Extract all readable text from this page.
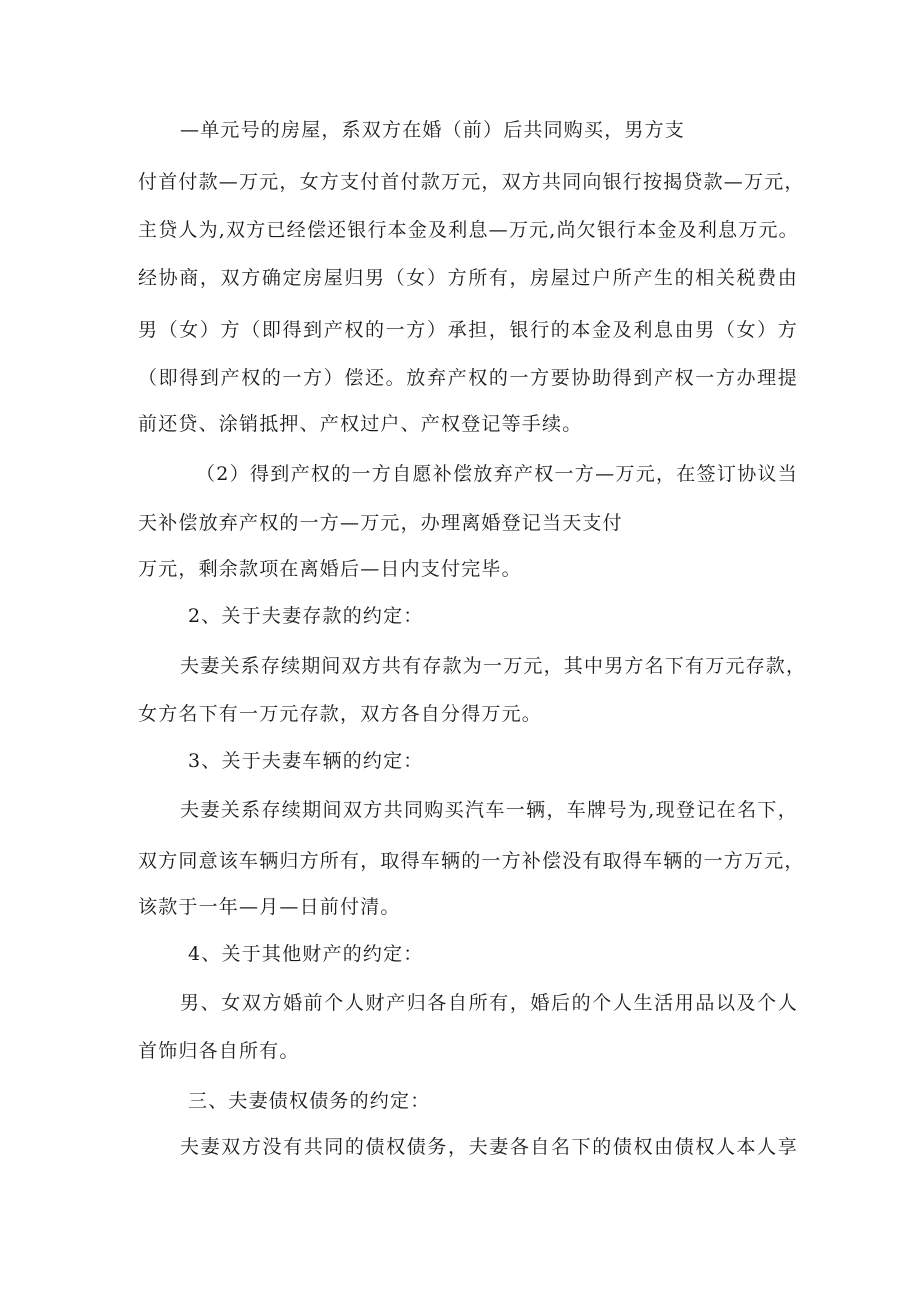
—单元号的房屋，系双方在婚（前）后共同购买，男方支
付首付款—万元，女方支付首付款万元，双方共同向银行按揭贷款—万元，
主贷人为,双方已经偿还银行本金及利息—万元,尚欠银行本金及利息万元。
经协商，双方确定房屋归男（女）方所有，房屋过户所产生的相关税费由
男（女）方（即得到产权的一方）承担，银行的本金及利息由男（女）方
（即得到产权的一方）偿还。放弃产权的一方要协助得到产权一方办理提
前还贷、涂销抵押、产权过户、产权登记等手续。
（2）得到产权的一方自愿补偿放弃产权一方—万元，在签订协议当
天补偿放弃产权的一方—万元，办理离婚登记当天支付
万元，剩余款项在离婚后—日内支付完毕。
2、关于夫妻存款的约定：
夫妻关系存续期间双方共有存款为一万元，其中男方名下有万元存款，
女方名下有一万元存款，双方各自分得万元。
3、关于夫妻车辆的约定：
夫妻关系存续期间双方共同购买汽车一辆，车牌号为,现登记在名下，
双方同意该车辆归方所有，取得车辆的一方补偿没有取得车辆的一方万元，
该款于一年—月—日前付清。
4、关于其他财产的约定：
男、女双方婚前个人财产归各自所有，婚后的个人生活用品以及个人
首饰归各自所有。
三、夫妻债权债务的约定：
夫妻双方没有共同的债权债务，夫妻各自名下的债权由债权人本人享
